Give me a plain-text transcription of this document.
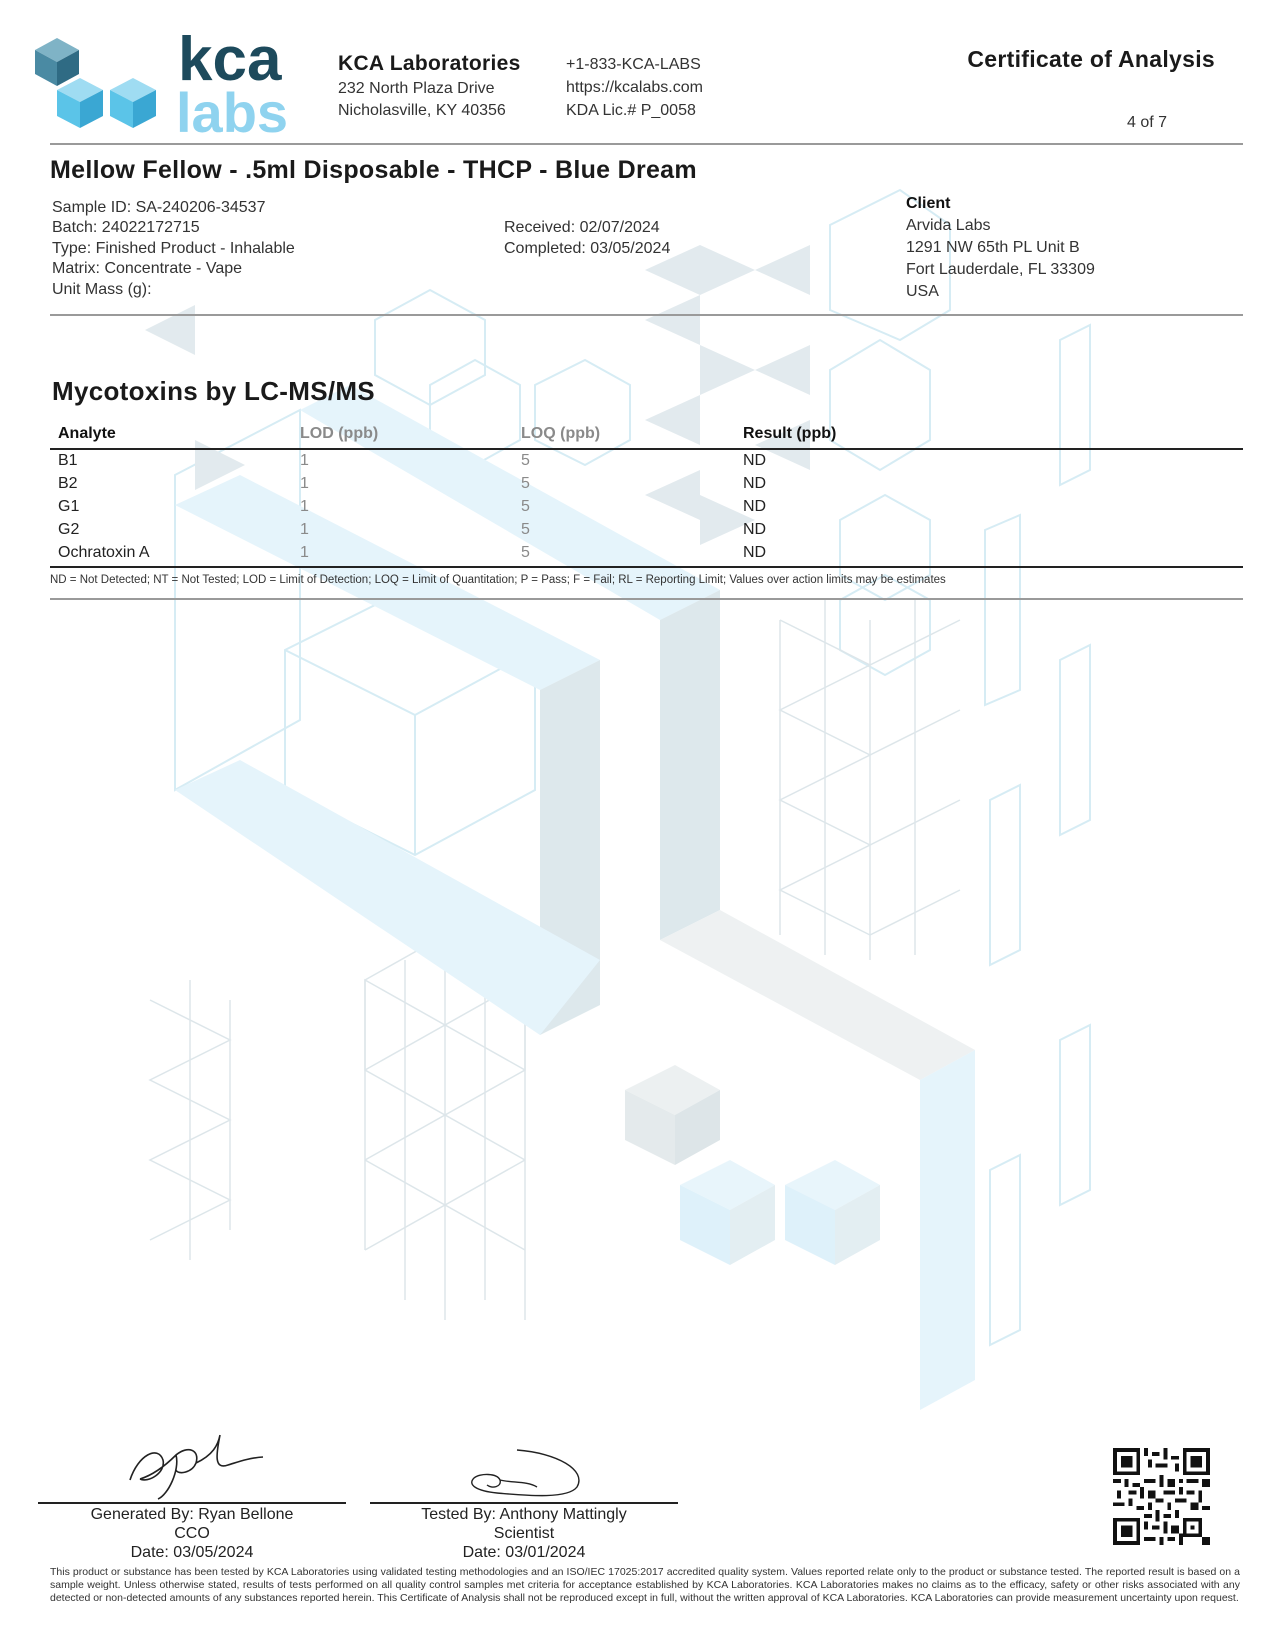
kca
labs
KCA Laboratories
232 North Plaza Drive
Nicholasville, KY 40356
+1-833-KCA-LABS
https://kcalabs.com
KDA Lic.# P_0058
Certificate of Analysis
4 of 7
Mellow Fellow - .5ml Disposable - THCP - Blue Dream
Sample ID: SA-240206-34537
Batch: 24022172715
Type: Finished Product - Inhalable
Matrix: Concentrate - Vape
Unit Mass (g):
Received: 02/07/2024
Completed: 03/05/2024
Client
Arvida Labs
1291 NW 65th PL Unit B
Fort Lauderdale, FL 33309
USA
Mycotoxins by LC-MS/MS
Analyte	LOD (ppb)	LOQ (ppb)	Result (ppb)
B1	1	5	ND
B2	1	5	ND
G1	1	5	ND
G2	1	5	ND
Ochratoxin A	1	5	ND
ND = Not Detected; NT = Not Tested; LOD = Limit of Detection; LOQ = Limit of Quantitation; P = Pass; F = Fail; RL = Reporting Limit; Values over action limits may be estimates
Generated By: Ryan Bellone
CCO
Date: 03/05/2024
Tested By: Anthony Mattingly
Scientist
Date: 03/01/2024
This product or substance has been tested by KCA Laboratories using validated testing methodologies and an ISO/IEC 17025:2017 accredited quality system. Values reported relate only to the product or substance tested. The reported result is based on a sample weight. Unless otherwise stated, results of tests performed on all quality control samples met criteria for acceptance established by KCA Laboratories. KCA Laboratories makes no claims as to the efficacy, safety or other risks associated with any detected or non-detected amounts of any substances reported herein. This Certificate of Analysis shall not be reproduced except in full, without the written approval of KCA Laboratories. KCA Laboratories can provide measurement uncertainty upon request.
